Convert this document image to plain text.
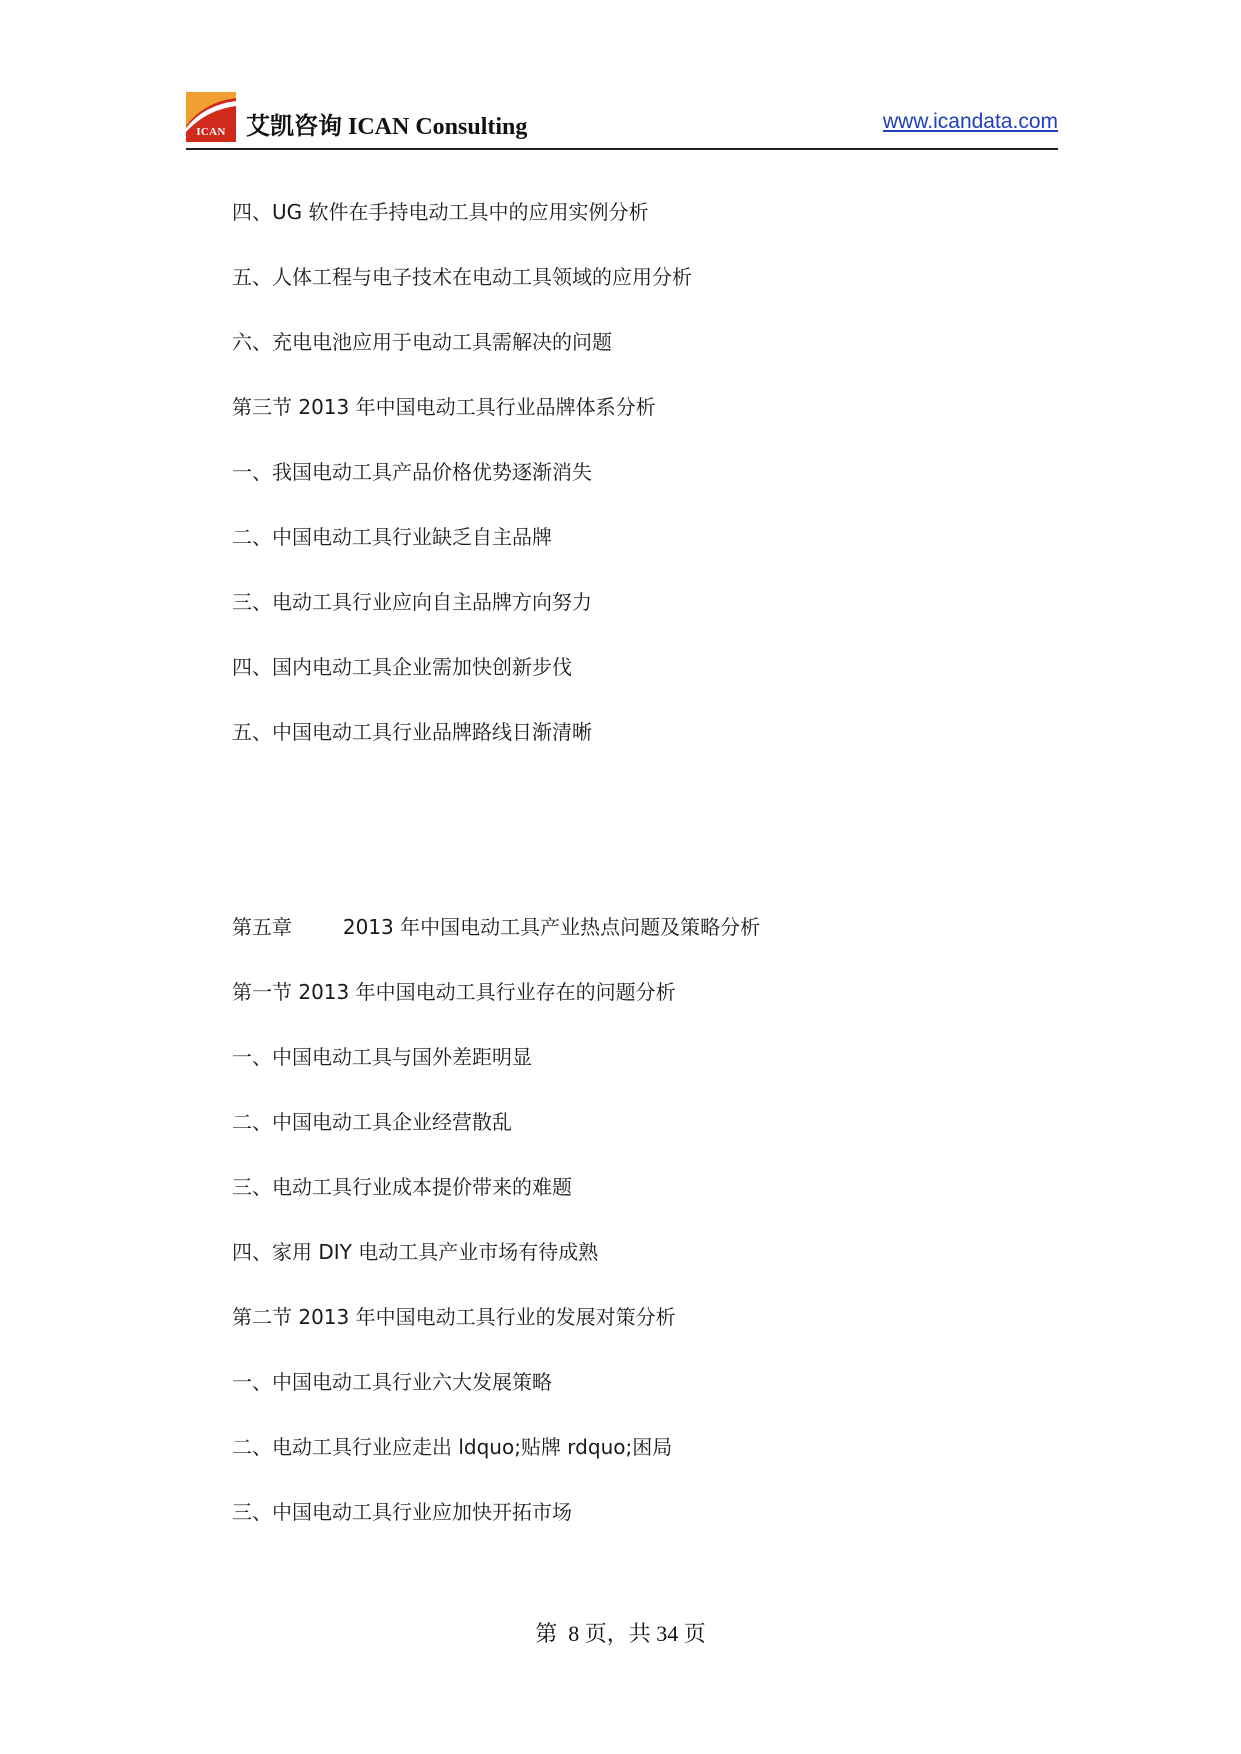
ICAN 艾凯咨询 ICAN Consulting	www.icandata.com
四、UG 软件在手持电动工具中的应用实例分析
五、人体工程与电子技术在电动工具领域的应用分析
六、充电电池应用于电动工具需解决的问题
第三节 2013 年中国电动工具行业品牌体系分析
一、我国电动工具产品价格优势逐渐消失
二、中国电动工具行业缺乏自主品牌
三、电动工具行业应向自主品牌方向努力
四、国内电动工具企业需加快创新步伐
五、中国电动工具行业品牌路线日渐清晰
第五章        2013 年中国电动工具产业热点问题及策略分析
第一节 2013 年中国电动工具行业存在的问题分析
一、中国电动工具与国外差距明显
二、中国电动工具企业经营散乱
三、电动工具行业成本提价带来的难题
四、家用 DIY 电动工具产业市场有待成熟
第二节 2013 年中国电动工具行业的发展对策分析
一、中国电动工具行业六大发展策略
二、电动工具行业应走出 ldquo;贴牌 rdquo;困局
三、中国电动工具行业应加快开拓市场
第  8 页，共 34 页
